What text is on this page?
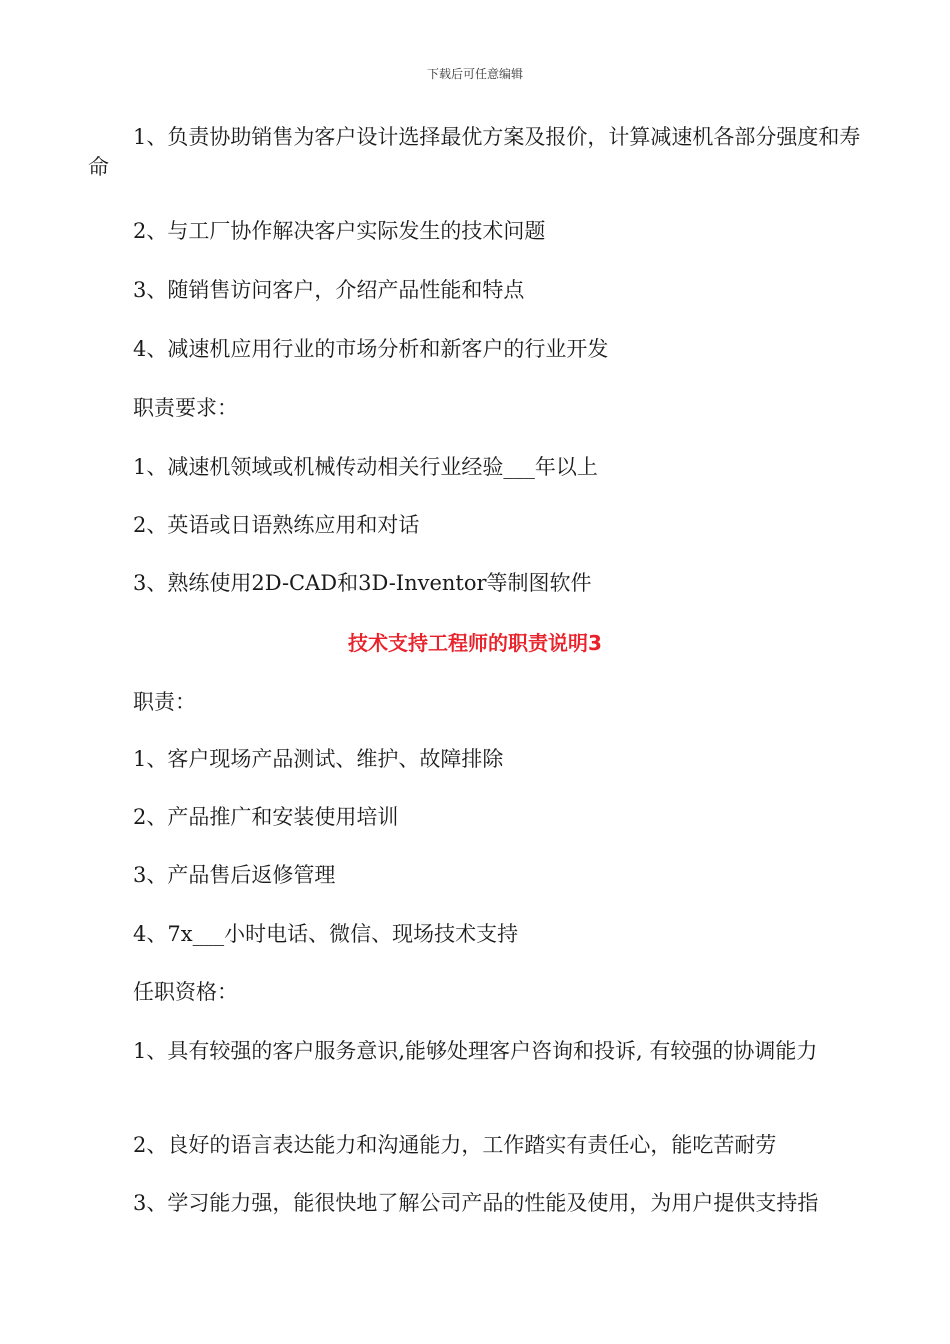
下载后可任意编辑

1、负责协助销售为客户设计选择最优方案及报价，计算减速机各部分强度和寿命

2、与工厂协作解决客户实际发生的技术问题

3、随销售访问客户，介绍产品性能和特点

4、减速机应用行业的市场分析和新客户的行业开发

职责要求：

1、减速机领域或机械传动相关行业经验___年以上

2、英语或日语熟练应用和对话

3、熟练使用2D-CAD和3D-Inventor等制图软件

技术支持工程师的职责说明3

职责：

1、客户现场产品测试、维护、故障排除

2、产品推广和安装使用培训

3、产品售后返修管理

4、7x___小时电话、微信、现场技术支持

任职资格：

1、具有较强的客户服务意识,能够处理客户咨询和投诉, 有较强的协调能力

2、良好的语言表达能力和沟通能力，工作踏实有责任心，能吃苦耐劳

3、学习能力强，能很快地了解公司产品的性能及使用，为用户提供支持指
